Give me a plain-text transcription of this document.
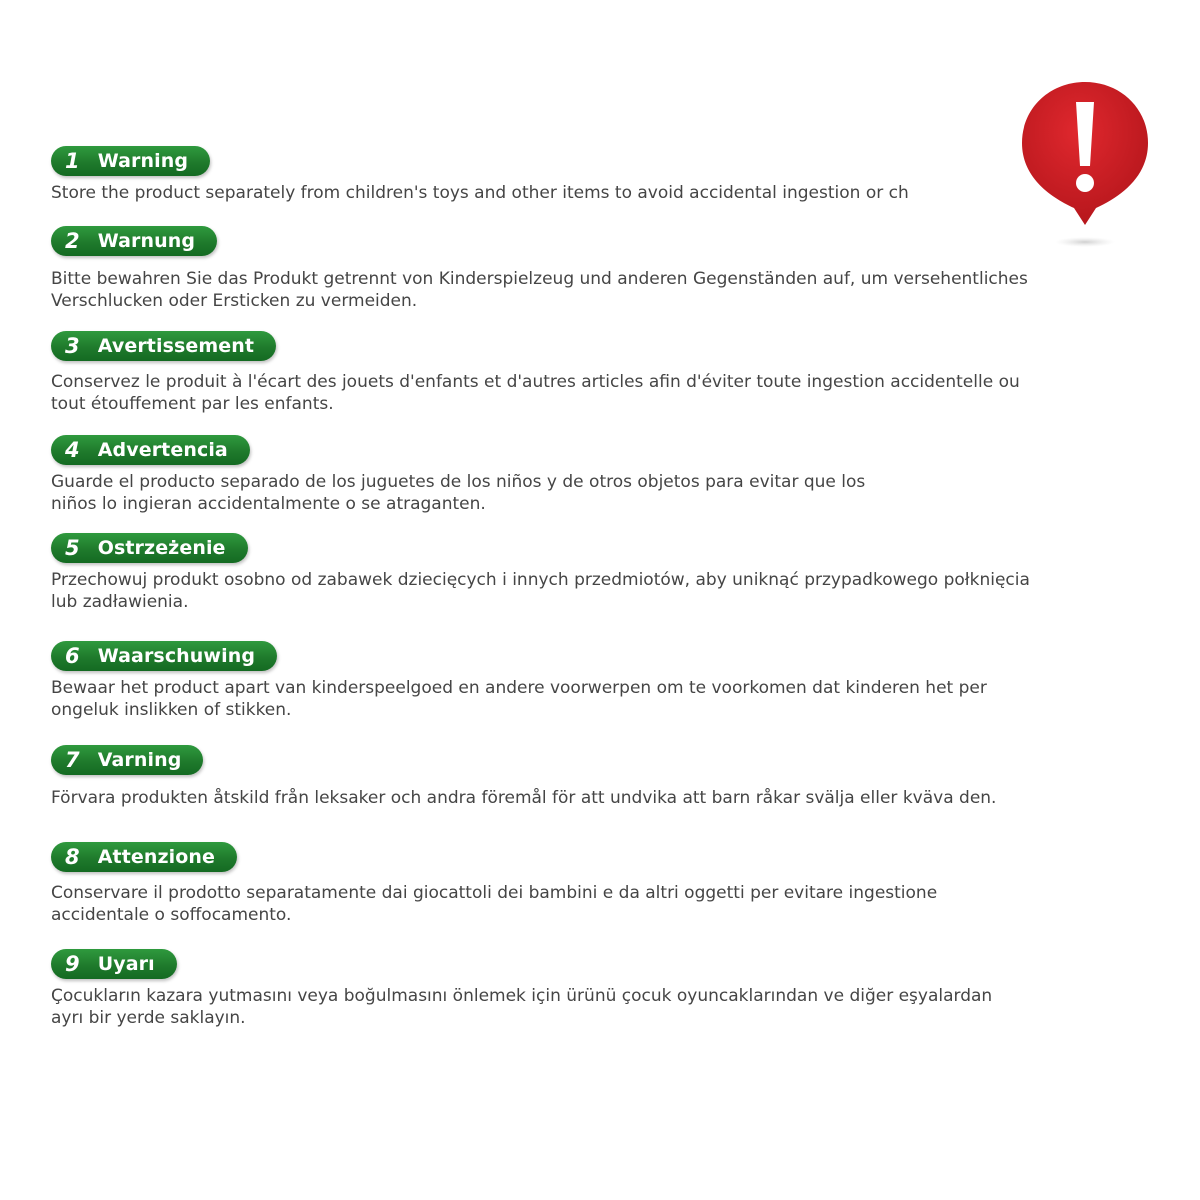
1 Warning
Store the product separately from children's toys and other items to avoid accidental ingestion or ch
2 Warnung
Bitte bewahren Sie das Produkt getrennt von Kinderspielzeug und anderen Gegenständen auf, um versehentliches
Verschlucken oder Ersticken zu vermeiden.
3 Avertissement
Conservez le produit à l'écart des jouets d'enfants et d'autres articles afin d'éviter toute ingestion accidentelle ou
tout étouffement par les enfants.
4 Advertencia
Guarde el producto separado de los juguetes de los niños y de otros objetos para evitar que los
niños lo ingieran accidentalmente o se atraganten.
5 Ostrzeżenie
Przechowuj produkt osobno od zabawek dziecięcych i innych przedmiotów, aby uniknąć przypadkowego połknięcia
lub zadławienia.
6 Waarschuwing
Bewaar het product apart van kinderspeelgoed en andere voorwerpen om te voorkomen dat kinderen het per
ongeluk inslikken of stikken.
7 Varning
Förvara produkten åtskild från leksaker och andra föremål för att undvika att barn råkar svälja eller kväva den.
8 Attenzione
Conservare il prodotto separatamente dai giocattoli dei bambini e da altri oggetti per evitare ingestione
accidentale o soffocamento.
9 Uyarı
Çocukların kazara yutmasını veya boğulmasını önlemek için ürünü çocuk oyuncaklarından ve diğer eşyalardan
ayrı bir yerde saklayın.
